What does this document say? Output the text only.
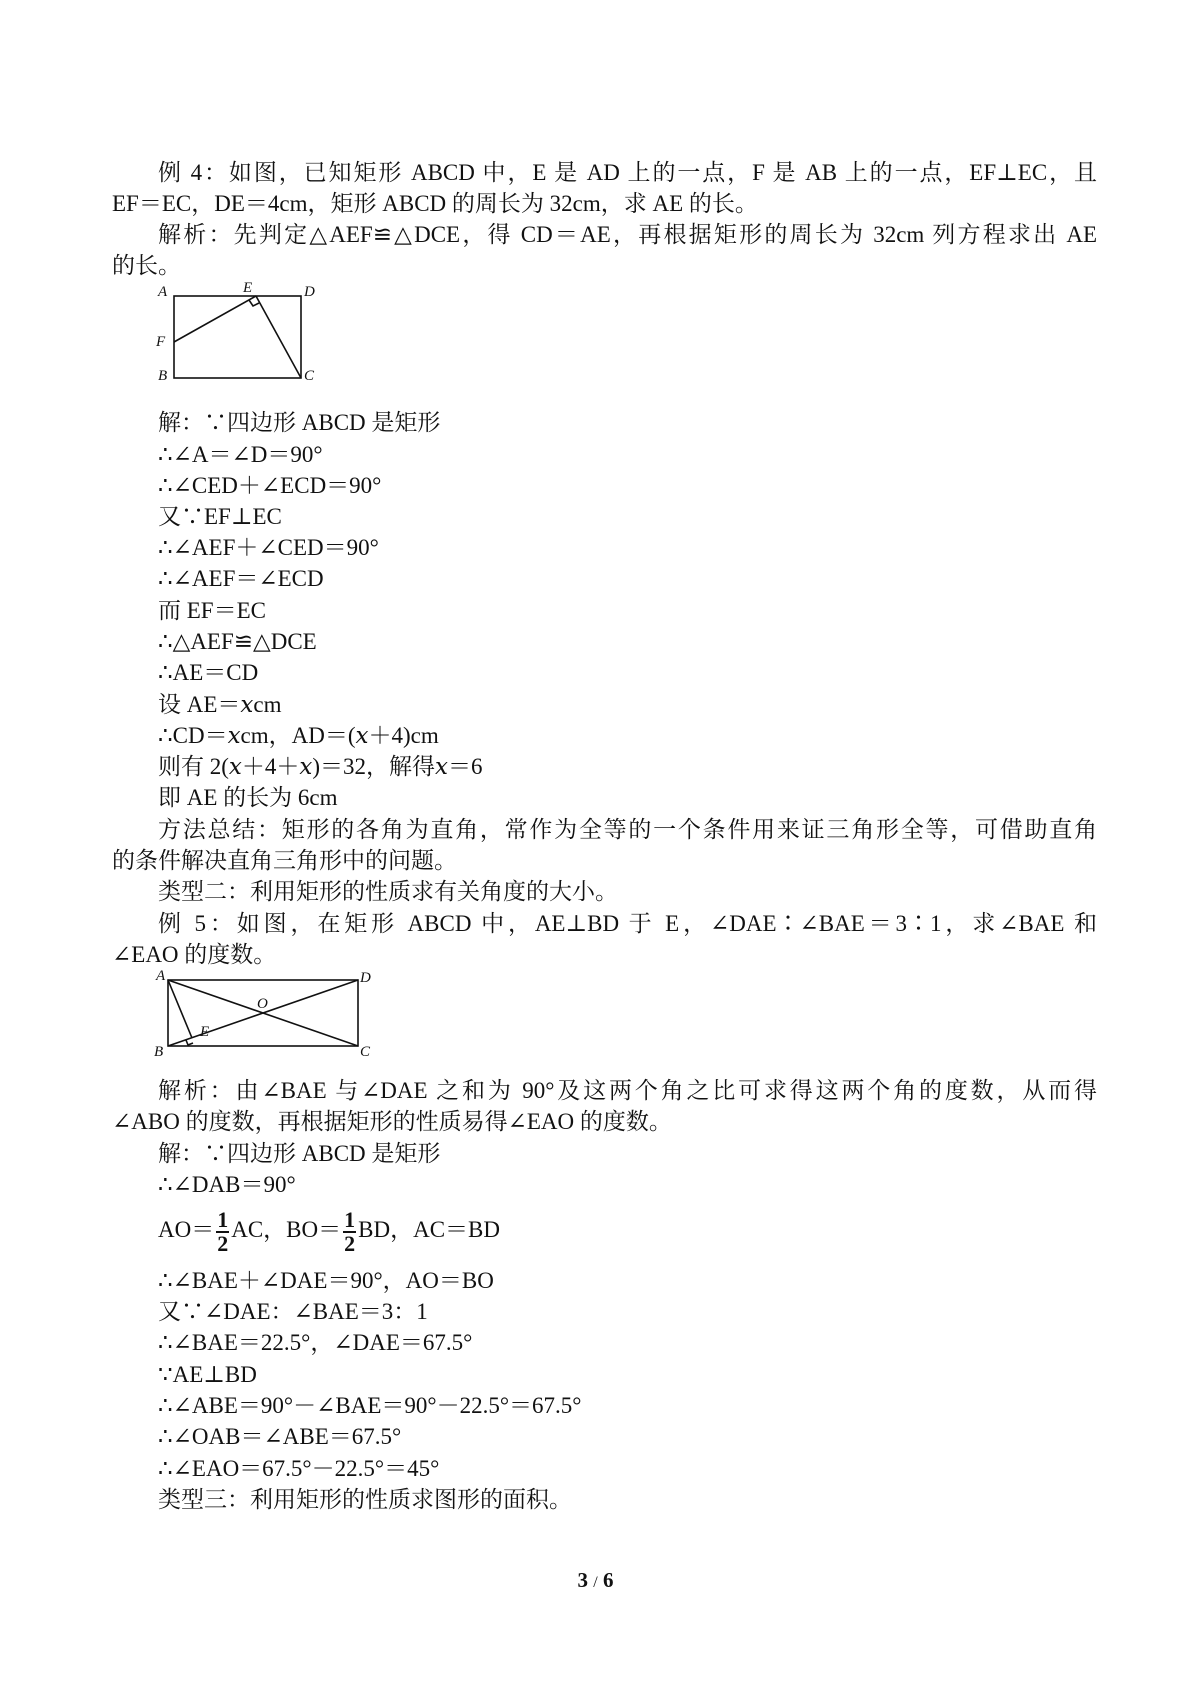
例 4：如图，已知矩形 ABCD 中，E 是 AD 上的一点，F 是 AB 上的一点，EF⊥EC，且
EF＝EC，DE＝4cm，矩形 ABCD 的周长为 32cm，求 AE 的长。
解析：先判定△AEF≌△DCE，得 CD＝AE，再根据矩形的周长为 32cm 列方程求出 AE
的长。
A	E	D
F
B	C
解：∵四边形 ABCD 是矩形
∴∠A＝∠D＝90°
∴∠CED＋∠ECD＝90°
又∵EF⊥EC
∴∠AEF＋∠CED＝90°
∴∠AEF＝∠ECD
而 EF＝EC
∴△AEF≌△DCE
∴AE＝CD
设 AE＝𝑥cm
∴CD＝𝑥cm，AD＝(𝑥＋4)cm
则有 2(𝑥＋4＋𝑥)＝32，解得𝑥＝6
即 AE 的长为 6cm
方法总结：矩形的各角为直角，常作为全等的一个条件用来证三角形全等，可借助直角
的条件解决直角三角形中的问题。
类型二：利用矩形的性质求有关角度的大小。
例 5：如图，在矩形 ABCD 中，AE⊥BD 于 E，∠DAE∶∠BAE＝3∶1，求∠BAE 和
∠EAO 的度数。
A	D
O
E
B	C
解析：由∠BAE 与∠DAE 之和为 90°及这两个角之比可求得这两个角的度数，从而得
∠ABO 的度数，再根据矩形的性质易得∠EAO 的度数。
解：∵四边形 ABCD 是矩形
∴∠DAB＝90°
$AO= \frac{1}{2}$ AC，$BO= \frac{1}{2}$ BD，AC＝BD
∴∠BAE＋∠DAE＝90°，AO＝BO
又∵∠DAE：∠BAE＝3：1
∴∠BAE＝22.5°，∠DAE＝67.5°
∵AE⊥BD
∴∠ABE＝90°－∠BAE＝90°－22.5°＝67.5°
∴∠OAB＝∠ABE＝67.5°
∴∠EAO＝67.5°－22.5°＝45°
类型三：利用矩形的性质求图形的面积。
3 / 6
